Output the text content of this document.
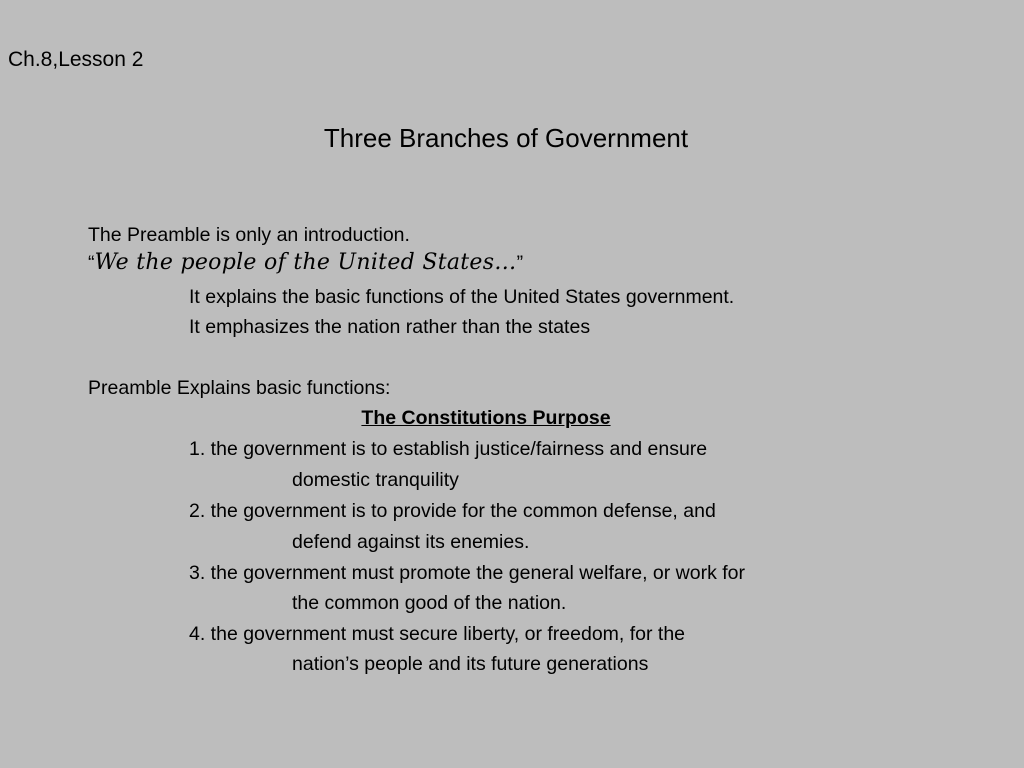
Ch.8,Lesson 2
Three Branches of Government
The Preamble is only an introduction.
“We the people of the United States…”
It explains the basic functions of the United States government.
It emphasizes the nation rather than the states
Preamble Explains basic functions:
The Constitutions Purpose
1. the government is to establish justice/fairness and ensure
domestic tranquility
2. the government is to provide for the common defense, and
defend against its enemies.
3. the government must promote the general welfare, or work for
the common good of the nation.
4. the government must secure liberty, or freedom, for the
nation’s people and its future generations
